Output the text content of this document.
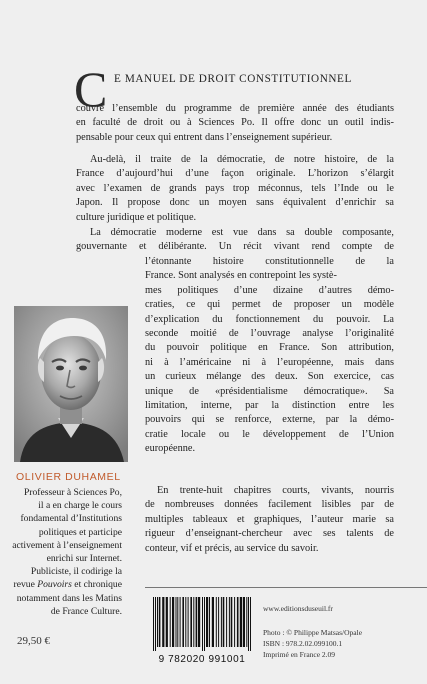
C E MANUEL DE DROIT CONSTITUTIONNEL
couvre l’ensemble du programme de première année des étudiants
en faculté de droit ou à Sciences Po. Il offre donc un outil indis-
pensable pour ceux qui entrent dans l’enseignement supérieur.
Au-delà, il traite de la démocratie, de notre histoire, de la
France d’aujourd’hui d’une façon originale. L’horizon s’élargit
avec l’examen de grands pays trop méconnus, tels l’Inde ou le
Japon. Il propose donc un moyen sans équivalent d’enrichir sa
culture juridique et politique.
La démocratie moderne est vue dans sa double composante,
gouvernante et délibérante. Un récit vivant rend compte de
l’étonnante histoire constitutionnelle de la
France. Sont analysés en contrepoint les systè-
mes politiques d’une dizaine d’autres démo-
craties, ce qui permet de proposer un modèle
d’explication du fonctionnement du pouvoir. La
seconde moitié de l’ouvrage analyse l’originalité
du pouvoir politique en France. Son attribution,
ni à l’américaine ni à l’européenne, mais dans
un curieux mélange des deux. Son exercice, cas
unique de «présidentialisme démocratique». Sa
limitation, interne, par la distinction entre les
pouvoirs qui se renforce, externe, par la démo-
cratie locale ou le développement de l’Union
européenne.
En trente-huit chapitres courts, vivants, nourris
de nombreuses données facilement lisibles par de
multiples tableaux et graphiques, l’auteur marie sa
rigueur d’enseignant-chercheur avec ses talents de
conteur, vif et précis, au service du savoir.
OLIVIER DUHAMEL
Professeur à Sciences Po,
il a en charge le cours
fondamental d’Institutions
politiques et participe
activement à l’enseignement
enrichi sur Internet.
Publiciste, il codirige la
revue Pouvoirs et chronique
notamment dans les Matins
de France Culture.
29,50 €
9 782020 991001
www.editionsduseuil.fr
Photo : © Philippe Matsas/Opale
ISBN : 978.2.02.099100.1
Imprimé en France 2.09
